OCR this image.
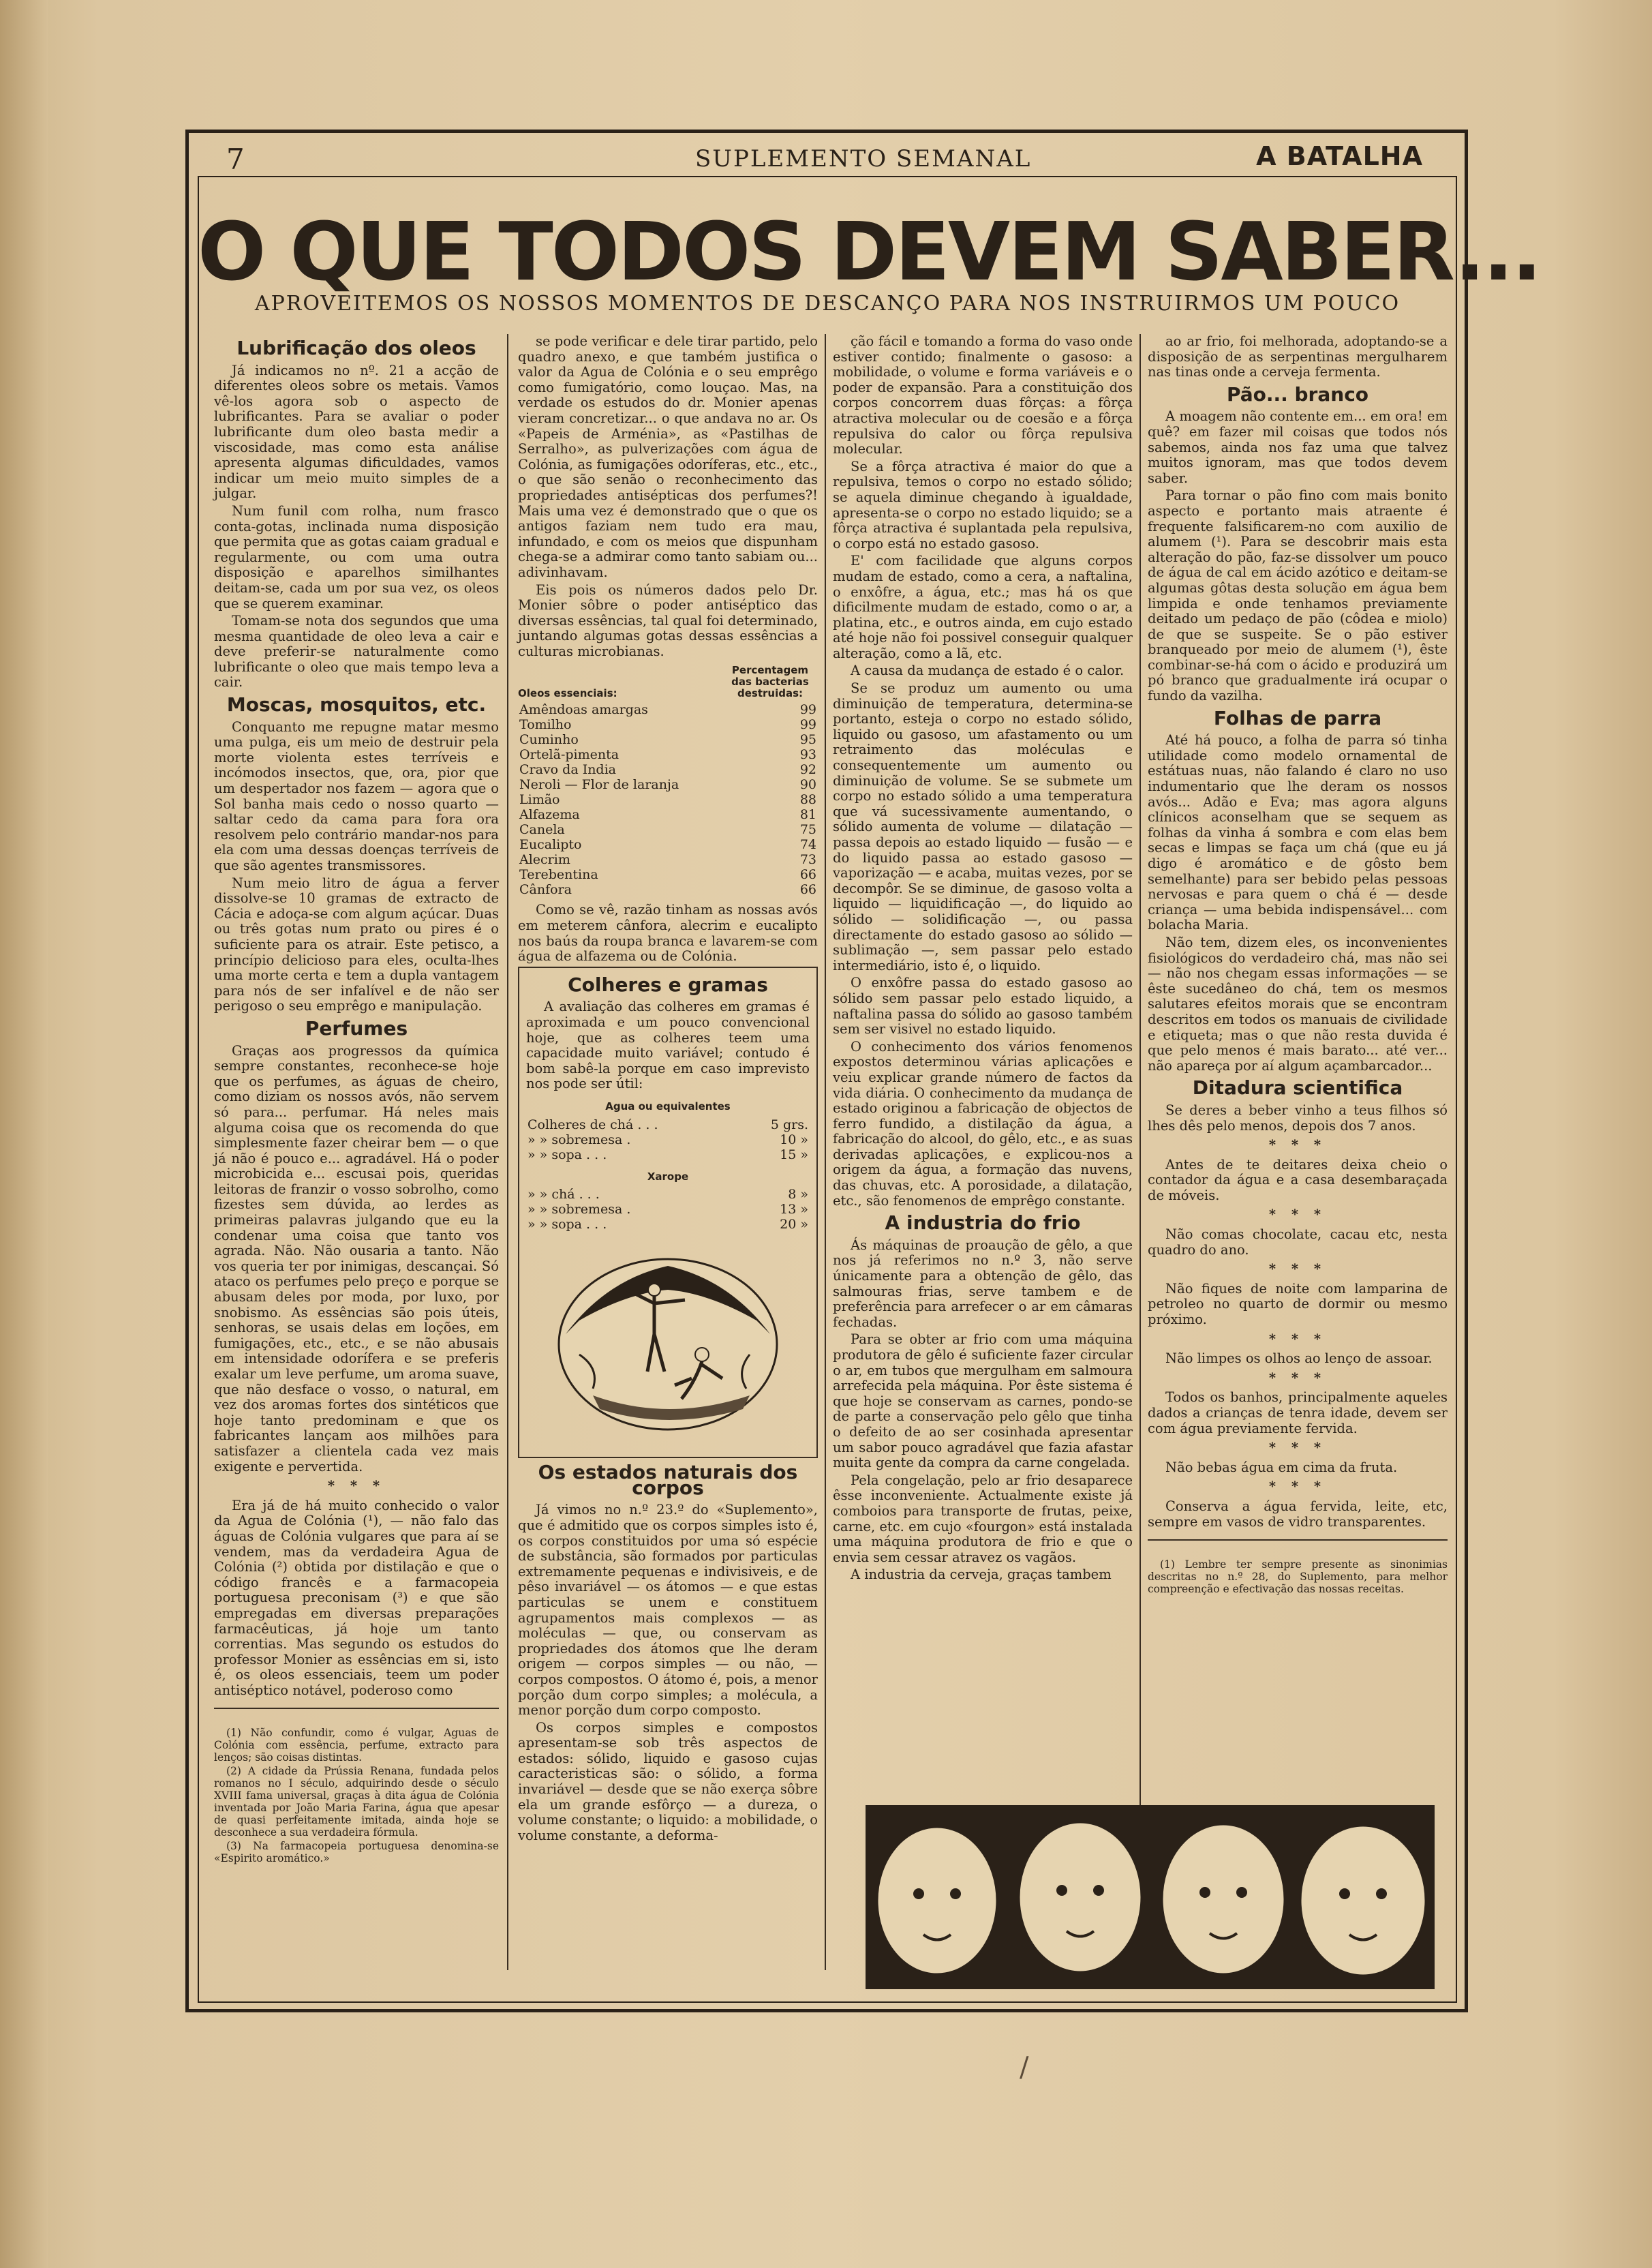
7	SUPLEMENTO SEMANAL	A BATALHA
O QUE TODOS DEVEM SABER...
APROVEITEMOS OS NOSSOS MOMENTOS DE DESCANÇO PARA NOS INSTRUIRMOS UM POUCO
Lubrificação dos oleos

Já indicamos no nº. 21 a acção de diferentes oleos sobre os metais. Vamos vê-los agora sob o aspecto de lubrificantes. Para se avaliar o poder lubrificante dum oleo basta medir a viscosidade, mas como esta análise apresenta algumas dificuldades, vamos indicar um meio muito simples de a julgar.

Num funil com rolha, num frasco conta-gotas, inclinada numa disposição que permita que as gotas caiam gradual e regularmente, ou com uma outra disposição e aparelhos similhantes deitam-se, cada um por sua vez, os oleos que se querem examinar.

Tomam-se nota dos segundos que uma mesma quantidade de oleo leva a cair e deve preferir-se naturalmente como lubrificante o oleo que mais tempo leva a cair.

Moscas, mosquitos, etc.

Conquanto me repugne matar mesmo uma pulga, eis um meio de destruir pela morte violenta estes terríveis e incómodos insectos, que, ora, pior que um despertador nos fazem — agora que o Sol banha mais cedo o nosso quarto — saltar cedo da cama para fora ora resolvem pelo contrário mandar-nos para ela com uma dessas doenças terríveis de que são agentes transmissores.

Num meio litro de água a ferver dissolve-se 10 gramas de extracto de Cácia e adoça-se com algum açúcar. Duas ou três gotas num prato ou pires é o suficiente para os atrair. Este petisco, a princípio delicioso para eles, oculta-lhes uma morte certa e tem a dupla vantagem para nós de ser infalível e de não ser perigoso o seu emprêgo e manipulação.

Perfumes

Graças aos progressos da química sempre constantes, reconhece-se hoje que os perfumes, as águas de cheiro, como diziam os nossos avós, não servem só para... perfumar. Há neles mais alguma coisa que os recomenda do que simplesmente fazer cheirar bem — o que já não é pouco e... agradável. Há o poder microbicida e... escusai pois, queridas leitoras de franzir o vosso sobrolho, como fizestes sem dúvida, ao lerdes as primeiras palavras julgando que eu la condenar uma coisa que tanto vos agrada. Não. Não ousaria a tanto. Não vos queria ter por inimigas, descançai. Só ataco os perfumes pelo preço e porque se abusam deles por moda, por luxo, por snobismo. As essências são pois úteis, senhoras, se usais delas em loções, em fumigações, etc., etc., e se não abusais em intensidade odorífera e se preferis exalar um leve perfume, um aroma suave, que não desface o vosso, o natural, em vez dos aromas fortes dos sintéticos que hoje tanto predominam e que os fabricantes lançam aos milhões para satisfazer a clientela cada vez mais exigente e pervertida.

* * *

Era já de há muito conhecido o valor da Agua de Colónia (¹), — não falo das águas de Colónia vulgares que para aí se vendem, mas da verdadeira Agua de Colónia (²) obtida por distilação e que o código francês e a farmacopeia portuguesa preconisam (³) e que são empregadas em diversas preparações farmacêuticas, já hoje um tanto correntias. Mas segundo os estudos do professor Monier as essências em si, isto é, os oleos essenciais, teem um poder antiséptico notável, poderoso como

(1) Não confundir, como é vulgar, Aguas de Colónia com essência, perfume, extracto para lenços; são coisas distintas.

(2) A cidade da Prússia Renana, fundada pelos romanos no I século, adquirindo desde o século XVIII fama universal, graças à dita água de Colónia inventada por João Maria Farina, água que apesar de quasi perfeitamente imitada, ainda hoje se desconhece a sua verdadeira fórmula.

(3) Na farmacopeia portuguesa denomina-se «Espirito aromático.»

se pode verificar e dele tirar partido, pelo quadro anexo, e que também justifica o valor da Agua de Colónia e o seu emprêgo como fumigatório, como louçao. Mas, na verdade os estudos do dr. Monier apenas vieram concretizar... o que andava no ar. Os «Papeis de Arménia», as «Pastilhas de Serralho», as pulverizações com água de Colónia, as fumigações odoríferas, etc., etc., o que são senão o reconhecimento das propriedades antisépticas dos perfumes?! Mais uma vez é demonstrado que o que os antigos faziam nem tudo era mau, infundado, e com os meios que dispunham chega-se a admirar como tanto sabiam ou... adivinhavam.

Eis pois os números dados pelo Dr. Monier sôbre o poder antiséptico das diversas essências, tal qual foi determinado, juntando algumas gotas dessas essências a culturas microbianas.

Oleos essenciais:
Percentagem das bacterias destruidas:
Amêndoas amargas	99
Tomilho	99
Cuminho	95
Ortelã-pimenta	93
Cravo da India	92
Neroli — Flor de laranja	90
Limão	88
Alfazema	81
Canela	75
Eucalipto	74
Alecrim	73
Terebentina	66
Cânfora	66

Como se vê, razão tinham as nossas avós em meterem cânfora, alecrim e eucalipto nos baús da roupa branca e lavarem-se com água de alfazema ou de Colónia.

Colheres e gramas

A avaliação das colheres em gramas é aproximada e um pouco convencional hoje, que as colheres teem uma capacidade muito variável; contudo é bom sabê-la porque em caso imprevisto nos pode ser útil:

Agua ou equivalentes
Colheres de chá . . .	5 grs.
» » sobremesa .	10 »
» » sopa . . .	15 »
Xarope
» » chá . . .	8 »
» » sobremesa .	13 »
» » sopa . . .	20 »
Os estados naturais dos corpos

Já vimos no n.º 23.º do «Suplemento», que é admitido que os corpos simples isto é, os corpos constituidos por uma só espécie de substância, são formados por particulas extremamente pequenas e indivisiveis, e de pêso invariável — os átomos — e que estas particulas se unem e constituem agrupamentos mais complexos — as moléculas — que, ou conservam as propriedades dos átomos que lhe deram origem — corpos simples — ou não, — corpos compostos. O átomo é, pois, a menor porção dum corpo simples; a molécula, a menor porção dum corpo composto.

Os corpos simples e compostos apresentam-se sob três aspectos de estados: sólido, liquido e gasoso cujas caracteristicas são: o sólido, a forma invariável — desde que se não exerça sôbre ela um grande esfôrço — a dureza, o volume constante; o liquido: a mobilidade, o volume constante, a deforma-

ção fácil e tomando a forma do vaso onde estiver contido; finalmente o gasoso: a mobilidade, o volume e forma variáveis e o poder de expansão. Para a constituição dos corpos concorrem duas fôrças: a fôrça atractiva molecular ou de coesão e a fôrça repulsiva do calor ou fôrça repulsiva molecular.

Se a fôrça atractiva é maior do que a repulsiva, temos o corpo no estado sólido; se aquela diminue chegando à igualdade, apresenta-se o corpo no estado liquido; se a fôrça atractiva é suplantada pela repulsiva, o corpo está no estado gasoso.

E' com facilidade que alguns corpos mudam de estado, como a cera, a naftalina, o enxôfre, a água, etc.; mas há os que dificilmente mudam de estado, como o ar, a platina, etc., e outros ainda, em cujo estado até hoje não foi possivel conseguir qualquer alteração, como a lã, etc.

A causa da mudança de estado é o calor.

Se se produz um aumento ou uma diminuição de temperatura, determina-se portanto, esteja o corpo no estado sólido, liquido ou gasoso, um afastamento ou um retraimento das moléculas e consequentemente um aumento ou diminuição de volume. Se se submete um corpo no estado sólido a uma temperatura que vá sucessivamente aumentando, o sólido aumenta de volume — dilatação — passa depois ao estado liquido — fusão — e do liquido passa ao estado gasoso — vaporização — e acaba, muitas vezes, por se decompôr. Se se diminue, de gasoso volta a liquido — liquidificação —, do liquido ao sólido — solidificação —, ou passa directamente do estado gasoso ao sólido — sublimação —, sem passar pelo estado intermediário, isto é, o liquido.

O enxôfre passa do estado gasoso ao sólido sem passar pelo estado liquido, a naftalina passa do sólido ao gasoso também sem ser visivel no estado liquido.

O conhecimento dos vários fenomenos expostos determinou várias aplicações e veiu explicar grande número de factos da vida diária. O conhecimento da mudança de estado originou a fabricação de objectos de ferro fundido, a distilação da água, a fabricação do alcool, do gêlo, etc., e as suas derivadas aplicações, e explicou-nos a origem da água, a formação das nuvens, das chuvas, etc. A porosidade, a dilatação, etc., são fenomenos de emprêgo constante.

A industria do frio

Ás máquinas de proaução de gêlo, a que nos já referimos no n.º 3, não serve únicamente para a obtenção de gêlo, das salmouras frias, serve tambem e de preferência para arrefecer o ar em câmaras fechadas.

Para se obter ar frio com uma máquina produtora de gêlo é suficiente fazer circular o ar, em tubos que mergulham em salmoura arrefecida pela máquina. Por êste sistema é que hoje se conservam as carnes, pondo-se de parte a conservação pelo gêlo que tinha o defeito de ao ser cosinhada apresentar um sabor pouco agradável que fazia afastar muita gente da compra da carne congelada.

Pela congelação, pelo ar frio desaparece êsse inconveniente. Actualmente existe já comboios para transporte de frutas, peixe, carne, etc. em cujo «fourgon» está instalada uma máquina produtora de frio e que o envia sem cessar atravez os vagãos.

A industria da cerveja, graças tambem

ao ar frio, foi melhorada, adoptando-se a disposição de as serpentinas mergulharem nas tinas onde a cerveja fermenta.

Pão... branco

A moagem não contente em... em ora! em quê? em fazer mil coisas que todos nós sabemos, ainda nos faz uma que talvez muitos ignoram, mas que todos devem saber.

Para tornar o pão fino com mais bonito aspecto e portanto mais atraente é frequente falsificarem-no com auxilio de alumem (¹). Para se descobrir mais esta alteração do pão, faz-se dissolver um pouco de água de cal em ácido azótico e deitam-se algumas gôtas desta solução em água bem limpida e onde tenhamos previamente deitado um pedaço de pão (côdea e miolo) de que se suspeite. Se o pão estiver branqueado por meio de alumem (¹), êste combinar-se-há com o ácido e produzirá um pó branco que gradualmente irá ocupar o fundo da vazilha.

Folhas de parra

Até há pouco, a folha de parra só tinha utilidade como modelo ornamental de estátuas nuas, não falando é claro no uso indumentario que lhe deram os nossos avós... Adão e Eva; mas agora alguns clínicos aconselham que se sequem as folhas da vinha á sombra e com elas bem secas e limpas se faça um chá (que eu já digo é aromático e de gôsto bem semelhante) para ser bebido pelas pessoas nervosas e para quem o chá é — desde criança — uma bebida indispensável... com bolacha Maria.

Não tem, dizem eles, os inconvenientes fisiológicos do verdadeiro chá, mas não sei — não nos chegam essas informações — se êste sucedâneo do chá, tem os mesmos salutares efeitos morais que se encontram descritos em todos os manuais de civilidade e etiqueta; mas o que não resta duvida é que pelo menos é mais barato... até ver... não apareça por aí algum açambarcador...

Ditadura scientifica

Se deres a beber vinho a teus filhos só lhes dês pelo menos, depois dos 7 anos.

* * *

Antes de te deitares deixa cheio o contador da água e a casa desembaraçada de móveis.

* * *

Não comas chocolate, cacau etc, nesta quadro do ano.

* * *

Não fiques de noite com lamparina de petroleo no quarto de dormir ou mesmo próximo.

* * *

Não limpes os olhos ao lenço de assoar.

* * *

Todos os banhos, principalmente aqueles dados a crianças de tenra idade, devem ser com água previamente fervida.

* * *

Não bebas água em cima da fruta.

* * *

Conserva a água fervida, leite, etc, sempre em vasos de vidro transparentes.

(1) Lembre ter sempre presente as sinonimias descritas no n.º 28, do Suplemento, para melhor compreenção e efectivação das nossas receitas.

/
